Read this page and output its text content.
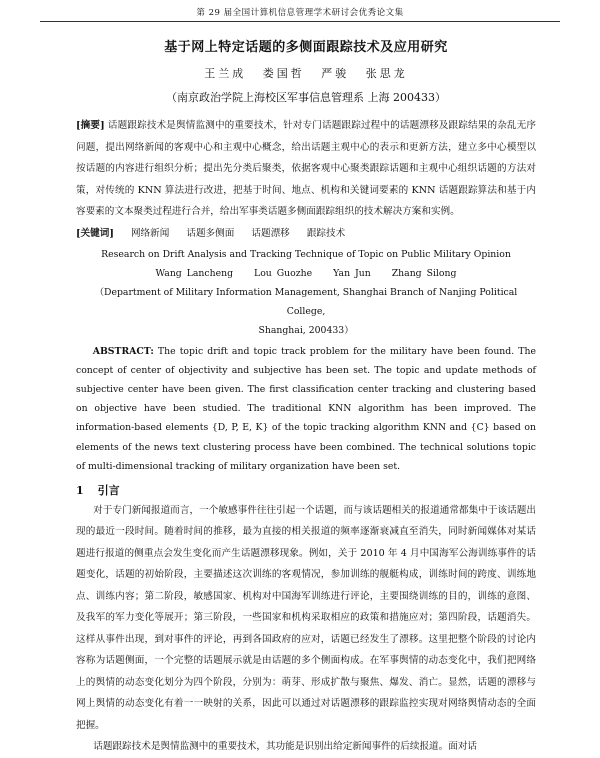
第 29 届全国计算机信息管理学术研讨会优秀论文集
基于网上特定话题的多侧面跟踪技术及应用研究
王兰成 娄国哲 严骏 张思龙
（南京政治学院上海校区军事信息管理系 上海 200433）
[摘要] 话题跟踪技术是舆情监测中的重要技术，针对专门话题跟踪过程中的话题漂移及跟踪结果的杂乱无序问题，提出网络新闻的客观中心和主观中心概念，给出话题主观中心的表示和更新方法，建立多中心模型以按话题的内容进行组织分析；提出先分类后聚类，依据客观中心聚类跟踪话题和主观中心组织话题的方法对策，对传统的 KNN 算法进行改进，把基于时间、地点、机构和关键词要素的 KNN 话题跟踪算法和基于内容要素的文本聚类过程进行合并，给出军事类话题多侧面跟踪组织的技术解决方案和实例。
[关键词] 网络新闻 话题多侧面 话题漂移 跟踪技术
Research on Drift Analysis and Tracking Technique of Topic on Public Military Opinion
Wang Lancheng Lou Guozhe Yan Jun Zhang Silong
（Department of Military Information Management, Shanghai Branch of Nanjing Political College,
Shanghai, 200433）
ABSTRACT: The topic drift and topic track problem for the military have been found. The concept of center of objectivity and subjective has been set. The topic and update methods of subjective center have been given. The first classification center tracking and clustering based on objective have been studied. The traditional KNN algorithm has been improved. The information-based elements {D, P, E, K} of the topic tracking algorithm KNN and {C} based on elements of the news text clustering process have been combined. The technical solutions topic of multi-dimensional tracking of military organization have been set.
1 引言
对于专门新闻报道而言，一个敏感事件往往引起一个话题，而与该话题相关的报道通常都集中于该话题出现的最近一段时间。随着时间的推移，最为直接的相关报道的频率逐渐衰减直至消失，同时新闻媒体对某话题进行报道的侧重点会发生变化而产生话题漂移现象。例如，关于 2010 年 4 月中国海军公海训练事件的话题变化，话题的初始阶段，主要描述这次训练的客观情况，参加训练的舰艇构成，训练时间的跨度、训练地点、训练内容；第二阶段，敏感国家、机构对中国海军训练进行评论，主要围绕训练的目的，训练的意图、及我军的军力变化等展开；第三阶段，一些国家和机构采取相应的政策和措施应对；第四阶段，话题消失。这样从事件出现，到对事件的评论，再到各国政府的应对，话题已经发生了漂移。这里把整个阶段的讨论内容称为话题侧面，一个完整的话题展示就是由话题的多个侧面构成。在军事舆情的动态变化中，我们把网络上的舆情的动态变化划分为四个阶段，分别为：萌芽、形成扩散与聚焦、爆发、消亡。显然，话题的漂移与网上舆情的动态变化有着一一映射的关系，因此可以通过对话题漂移的跟踪监控实现对网络舆情动态的全面把握。
话题跟踪技术是舆情监测中的重要技术，其功能是识别出给定新闻事件的后续报道。面对话
